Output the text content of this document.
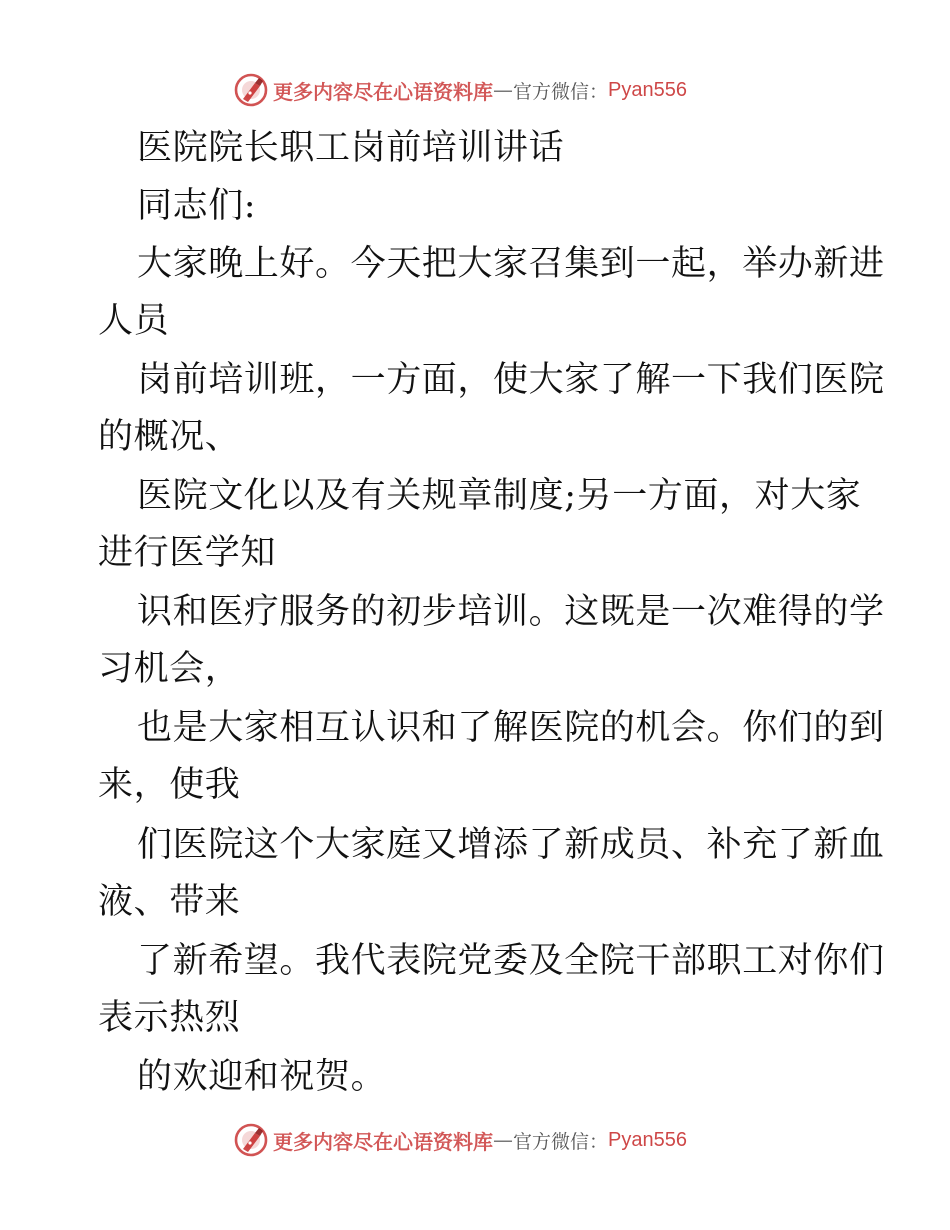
更多内容尽在心语资料库 — 官方微信： Pyan556
医院院长职工岗前培训讲话
同志们:
大家晚上好。今天把大家召集到一起，举办新进
人员
岗前培训班，一方面，使大家了解一下我们医院
的概况、
医院文化以及有关规章制度;另一方面，对大家
进行医学知
识和医疗服务的初步培训。这既是一次难得的学
习机会，
也是大家相互认识和了解医院的机会。你们的到
来，使我
们医院这个大家庭又增添了新成员、补充了新血
液、带来
了新希望。我代表院党委及全院干部职工对你们
表示热烈
的欢迎和祝贺。
更多内容尽在心语资料库 — 官方微信： Pyan556
